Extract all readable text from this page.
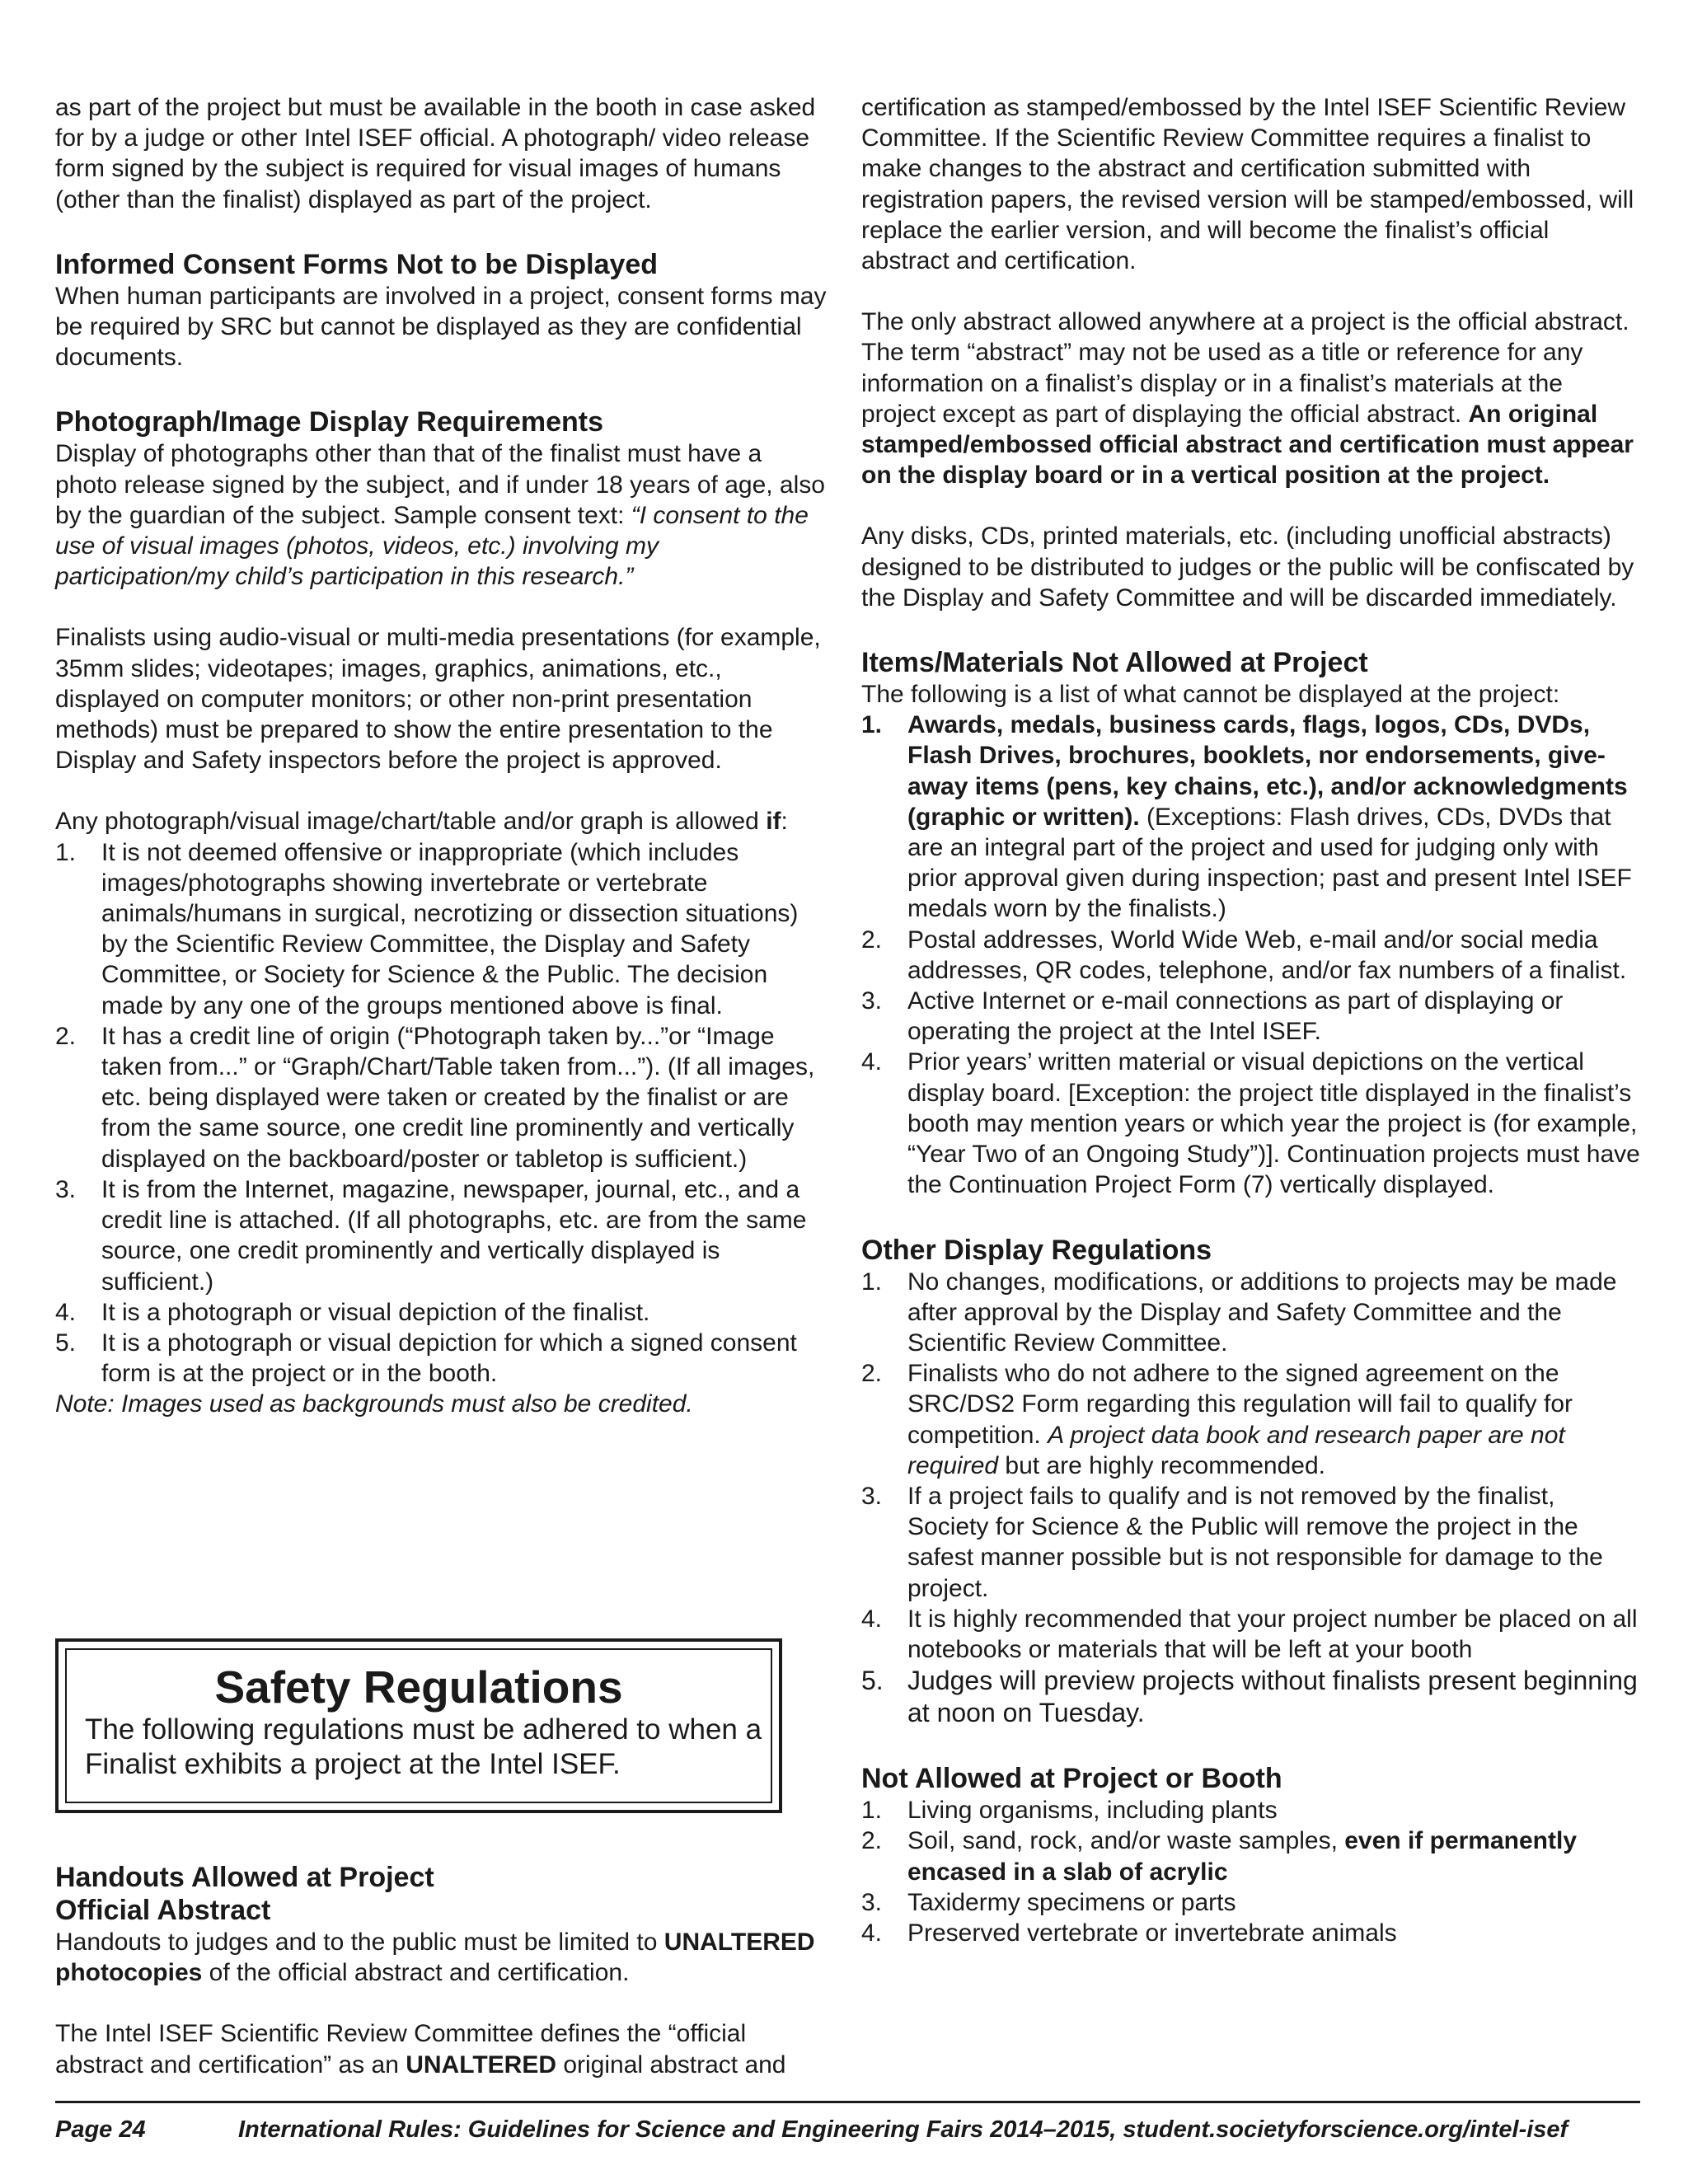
as part of the project but must be available in the booth in case asked for by a judge or other Intel ISEF official. A photograph/ video release form signed by the subject is required for visual images of humans (other than the finalist) displayed as part of the project.

Informed Consent Forms Not to be Displayed

When human participants are involved in a project, consent forms may be required by SRC but cannot be displayed as they are confidential documents.

Photograph/Image Display Requirements

Display of photographs other than that of the finalist must have a photo release signed by the subject, and if under 18 years of age, also by the guardian of the subject. Sample consent text: “I consent to the use of visual images (photos, videos, etc.) involving my participation/my child’s participation in this research.”

Finalists using audio-visual or multi-media presentations (for example, 35mm slides; videotapes; images, graphics, animations, etc., displayed on computer monitors; or other non-print presentation methods) must be prepared to show the entire presentation to the Display and Safety inspectors before the project is approved.

Any photograph/visual image/chart/table and/or graph is allowed if:

1. It is not deemed offensive or inappropriate (which includes images/photographs showing invertebrate or vertebrate animals/humans in surgical, necrotizing or dissection situations) by the Scientific Review Committee, the Display and Safety Committee, or Society for Science & the Public. The decision made by any one of the groups mentioned above is final.
2. It has a credit line of origin (“Photograph taken by...”or “Image taken from...” or “Graph/Chart/Table taken from...”). (If all images, etc. being displayed were taken or created by the finalist or are from the same source, one credit line prominently and vertically displayed on the backboard/poster or tabletop is sufficient.)
3. It is from the Internet, magazine, newspaper, journal, etc., and a credit line is attached. (If all photographs, etc. are from the same source, one credit prominently and vertically displayed is sufficient.)
4. It is a photograph or visual depiction of the finalist.
5. It is a photograph or visual depiction for which a signed consent form is at the project or in the booth.

Note: Images used as backgrounds must also be credited.

Safety Regulations
The following regulations must be adhered to when a Finalist exhibits a project at the Intel ISEF.
Handouts Allowed at Project
Official Abstract

Handouts to judges and to the public must be limited to UNALTERED photocopies of the official abstract and certification.

The Intel ISEF Scientific Review Committee defines the “official abstract and certification” as an UNALTERED original abstract and

certification as stamped/embossed by the Intel ISEF Scientific Review Committee. If the Scientific Review Committee requires a finalist to make changes to the abstract and certification submitted with registration papers, the revised version will be stamped/embossed, will replace the earlier version, and will become the finalist’s official abstract and certification.

The only abstract allowed anywhere at a project is the official abstract. The term “abstract” may not be used as a title or reference for any information on a finalist’s display or in a finalist’s materials at the project except as part of displaying the official abstract. An original stamped/embossed official abstract and certification must appear on the display board or in a vertical position at the project.

Any disks, CDs, printed materials, etc. (including unofficial abstracts) designed to be distributed to judges or the public will be confiscated by the Display and Safety Committee and will be discarded immediately.

Items/Materials Not Allowed at Project

The following is a list of what cannot be displayed at the project:

1. Awards, medals, business cards, flags, logos, CDs, DVDs, Flash Drives, brochures, booklets, nor endorsements, give-away items (pens, key chains, etc.), and/or acknowledgments (graphic or written). (Exceptions: Flash drives, CDs, DVDs that are an integral part of the project and used for judging only with prior approval given during inspection; past and present Intel ISEF medals worn by the finalists.)
2. Postal addresses, World Wide Web, e-mail and/or social media addresses, QR codes, telephone, and/or fax numbers of a finalist.
3. Active Internet or e-mail connections as part of displaying or operating the project at the Intel ISEF.
4. Prior years’ written material or visual depictions on the vertical display board. [Exception: the project title displayed in the finalist’s booth may mention years or which year the project is (for example, “Year Two of an Ongoing Study”)]. Continuation projects must have the Continuation Project Form (7) vertically displayed.
Other Display Regulations
1. No changes, modifications, or additions to projects may be made after approval by the Display and Safety Committee and the Scientific Review Committee.
2. Finalists who do not adhere to the signed agreement on the SRC/DS2 Form regarding this regulation will fail to qualify for competition. A project data book and research paper are not required but are highly recommended.
3. If a project fails to qualify and is not removed by the finalist, Society for Science & the Public will remove the project in the safest manner possible but is not responsible for damage to the project.
4. It is highly recommended that your project number be placed on all notebooks or materials that will be left at your booth
5. Judges will preview projects without finalists present beginning at noon on Tuesday.
Not Allowed at Project or Booth
1. Living organisms, including plants
2. Soil, sand, rock, and/or waste samples, even if permanently encased in a slab of acrylic
3. Taxidermy specimens or parts
4. Preserved vertebrate or invertebrate animals
Page 24	International Rules: Guidelines for Science and Engineering Fairs 2014–2015, student.societyforscience.org/intel-isef
